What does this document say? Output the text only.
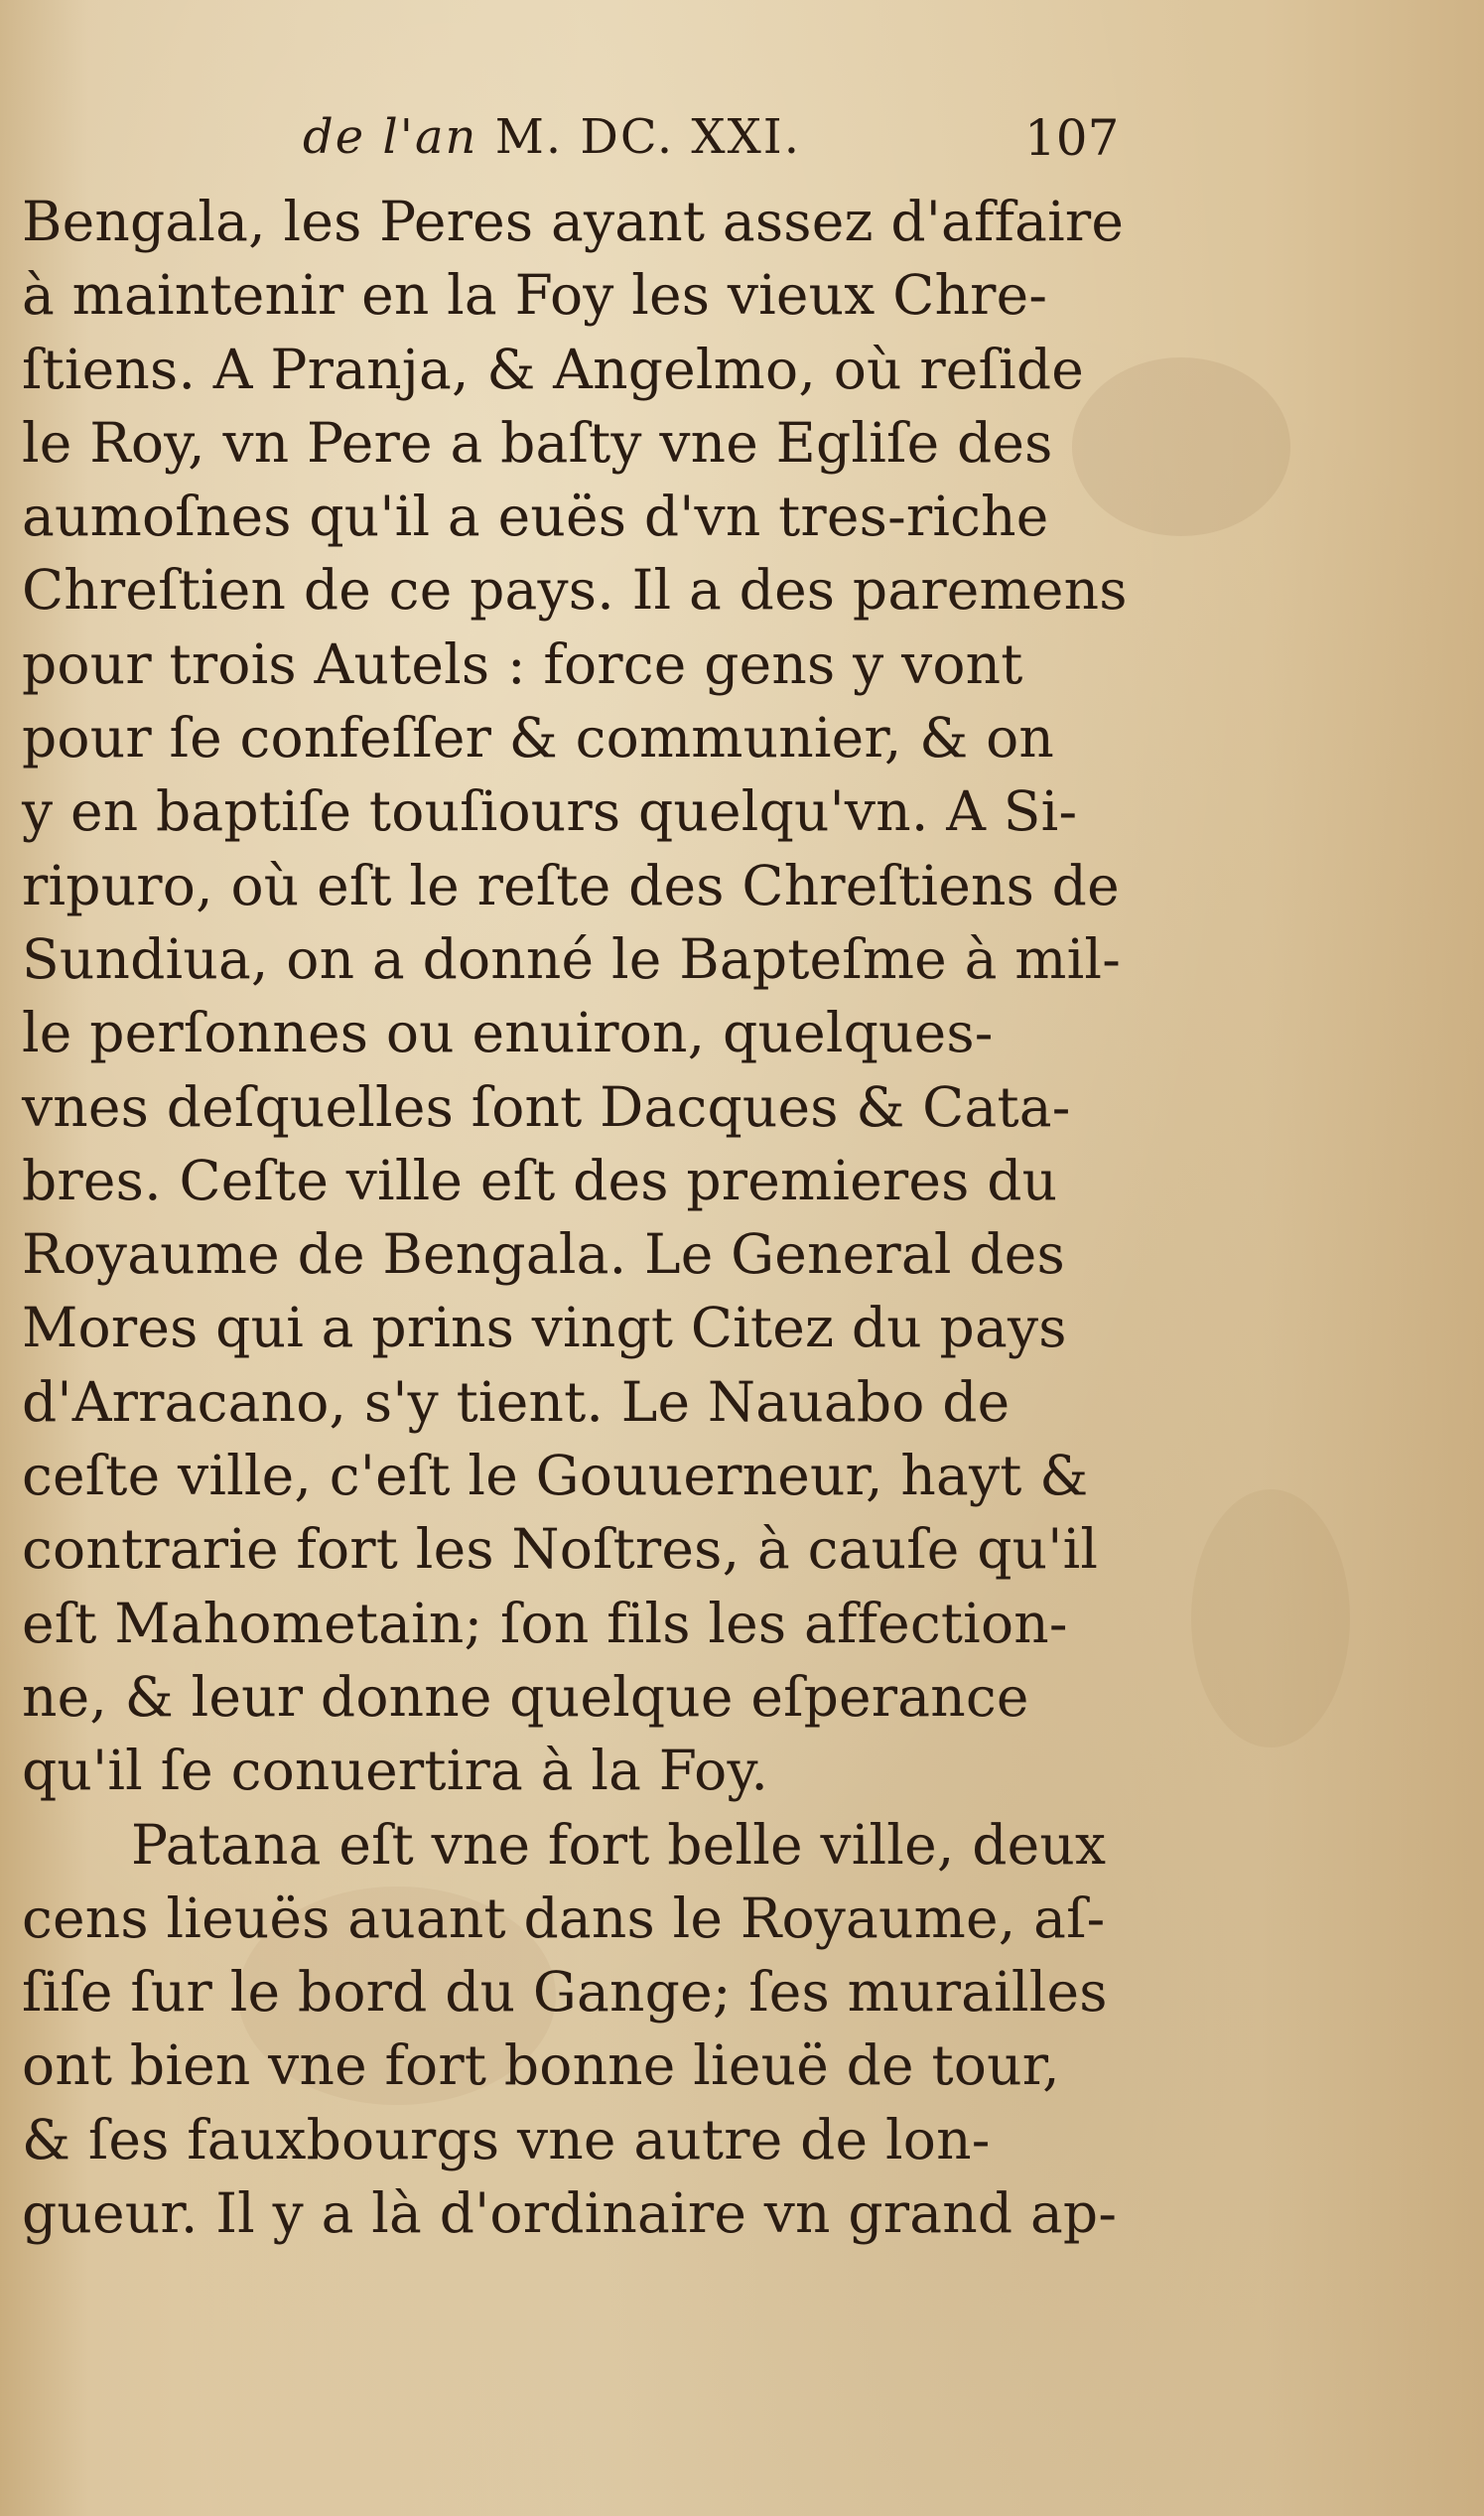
de l'an M. DC. XXI.	107
Bengala, les Peres ayant assez d'affaire
à maintenir en la Foy les vieux Chre-
ſtiens. A Pranja, & Angelmo, où reſide
le Roy, vn Pere a baſty vne Egliſe des
aumoſnes qu'il a euës d'vn tres-riche
Chreſtien de ce pays. Il a des paremens
pour trois Autels : force gens y vont
pour ſe confeſſer & communier, & on
y en baptiſe touſiours quelqu'vn. A Si-
ripuro, où eſt le reſte des Chreſtiens de
Sundiua, on a donné le Bapteſme à mil-
le perſonnes ou enuiron, quelques-
vnes deſquelles ſont Dacques & Cata-
bres. Ceſte ville eſt des premieres du
Royaume de Bengala. Le General des
Mores qui a prins vingt Citez du pays
d'Arracano, s'y tient. Le Nauabo de
ceſte ville, c'eſt le Gouuerneur, hayt &
contrarie fort les Noſtres, à cauſe qu'il
eſt Mahometain; ſon fils les affection-
ne, & leur donne quelque eſperance
qu'il ſe conuertira à la Foy.
Patana eſt vne fort belle ville, deux
cens lieuës auant dans le Royaume, aſ-
ſiſe ſur le bord du Gange; ſes murailles
ont bien vne fort bonne lieuë de tour,
& ſes fauxbourgs vne autre de lon-
gueur. Il y a là d'ordinaire vn grand ap-
